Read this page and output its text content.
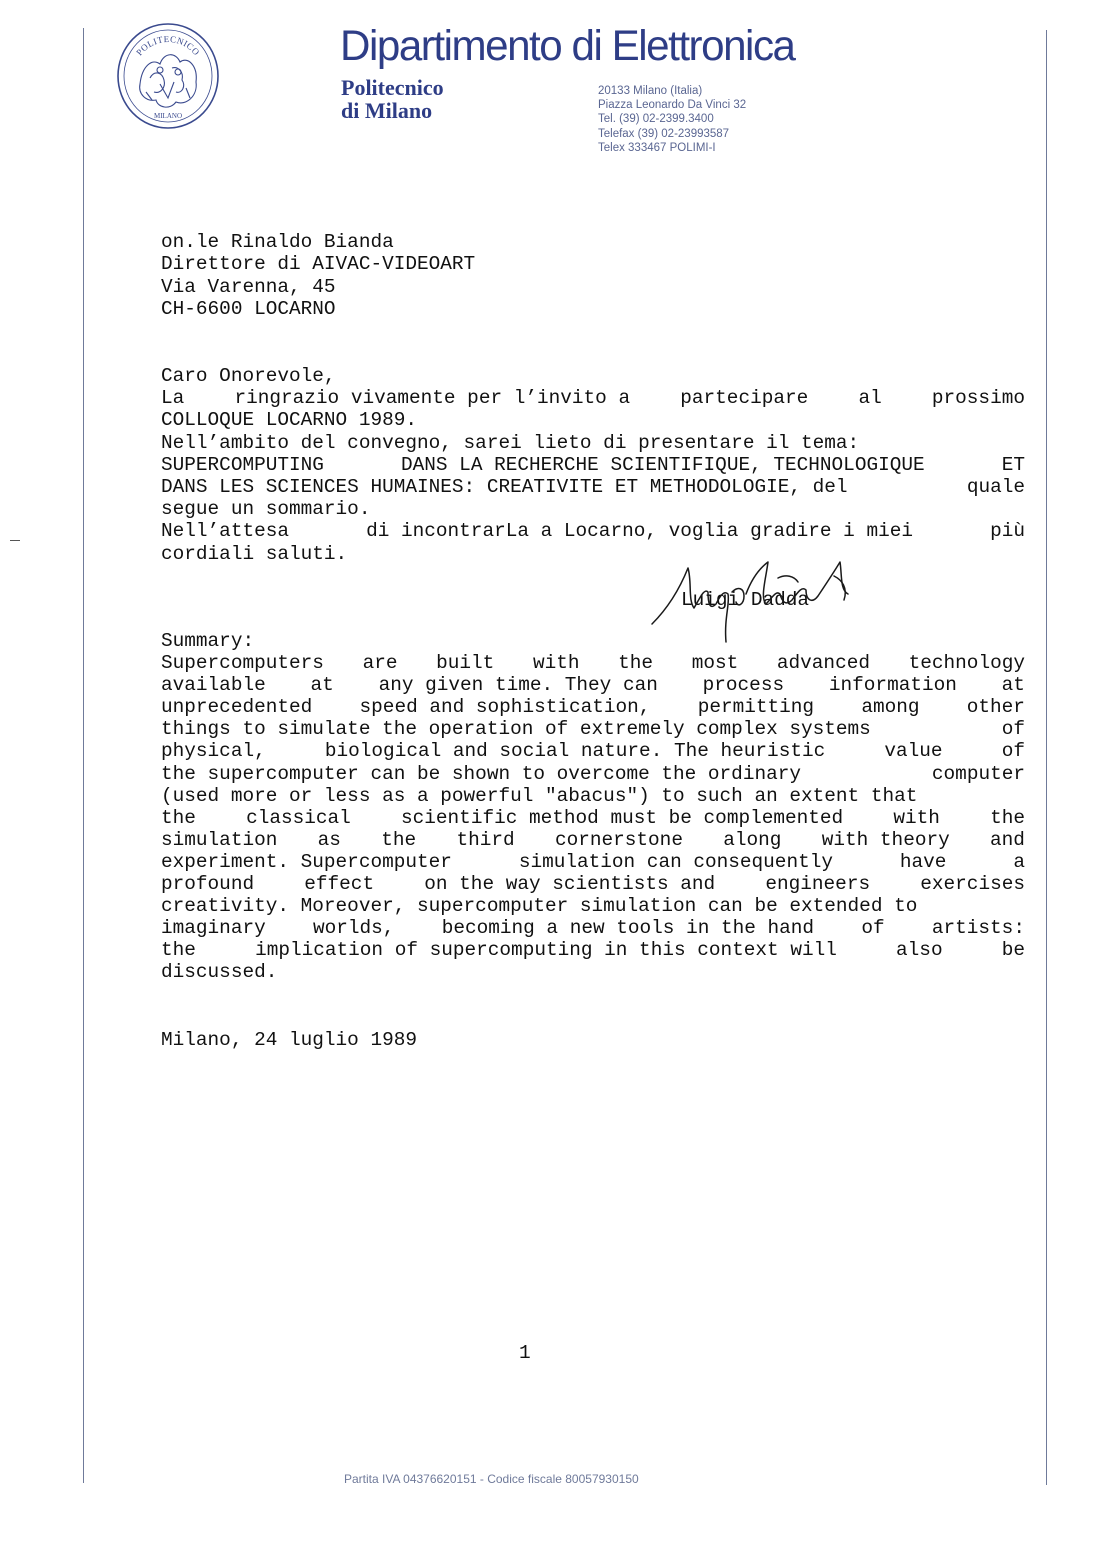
POLITECNICO
MILANO
Dipartimento di Elettronica
Politecnico
di Milano
20133 Milano (Italia)
Piazza Leonardo Da Vinci 32
Tel. (39) 02-2399.3400
Telefax (39) 02-23993587
Telex 333467 POLIMI-I
on.le Rinaldo Bianda
Direttore di AIVAC-VIDEOART
Via Varenna, 45
CH-6600 LOCARNO
Caro Onorevole,
La	ringrazio vivamente per l’invito a	partecipare	al	prossimo
COLLOQUE LOCARNO 1989.
Nell’ambito del convegno, sarei lieto di presentare il tema:
SUPERCOMPUTING	DANS LA RECHERCHE SCIENTIFIQUE, TECHNOLOGIQUE	ET
DANS LES SCIENCES HUMAINES: CREATIVITE ET METHODOLOGIE, del	quale
segue un sommario.
Nell’attesa	di incontrarLa a Locarno, voglia gradire i miei	più
cordiali saluti.
Luigi Dadda
Summary:
Supercomputers are built with the most advanced technology
available at any given time. They can process information at
unprecedented speed and sophistication, permitting among other
things to simulate the operation of extremely complex systems	of
physical,	biological and social nature. The heuristic	value	of
the supercomputer can be shown to overcome the ordinary	computer
(used more or less as a powerful "abacus") to such an extent that
the	classical	scientific method must be complemented	with	the
simulation as the third cornerstone along with theory and
experiment. Supercomputer	simulation can consequently	have	a
profound	effect	on the way scientists and	engineers	exercises
creativity. Moreover, supercomputer simulation can be extended to
imaginary worlds, becoming a new tools in the hand of artists:
the	implication of supercomputing in this context will	also	be
discussed.
Milano, 24 luglio 1989
1
Partita IVA 04376620151 - Codice fiscale 80057930150
